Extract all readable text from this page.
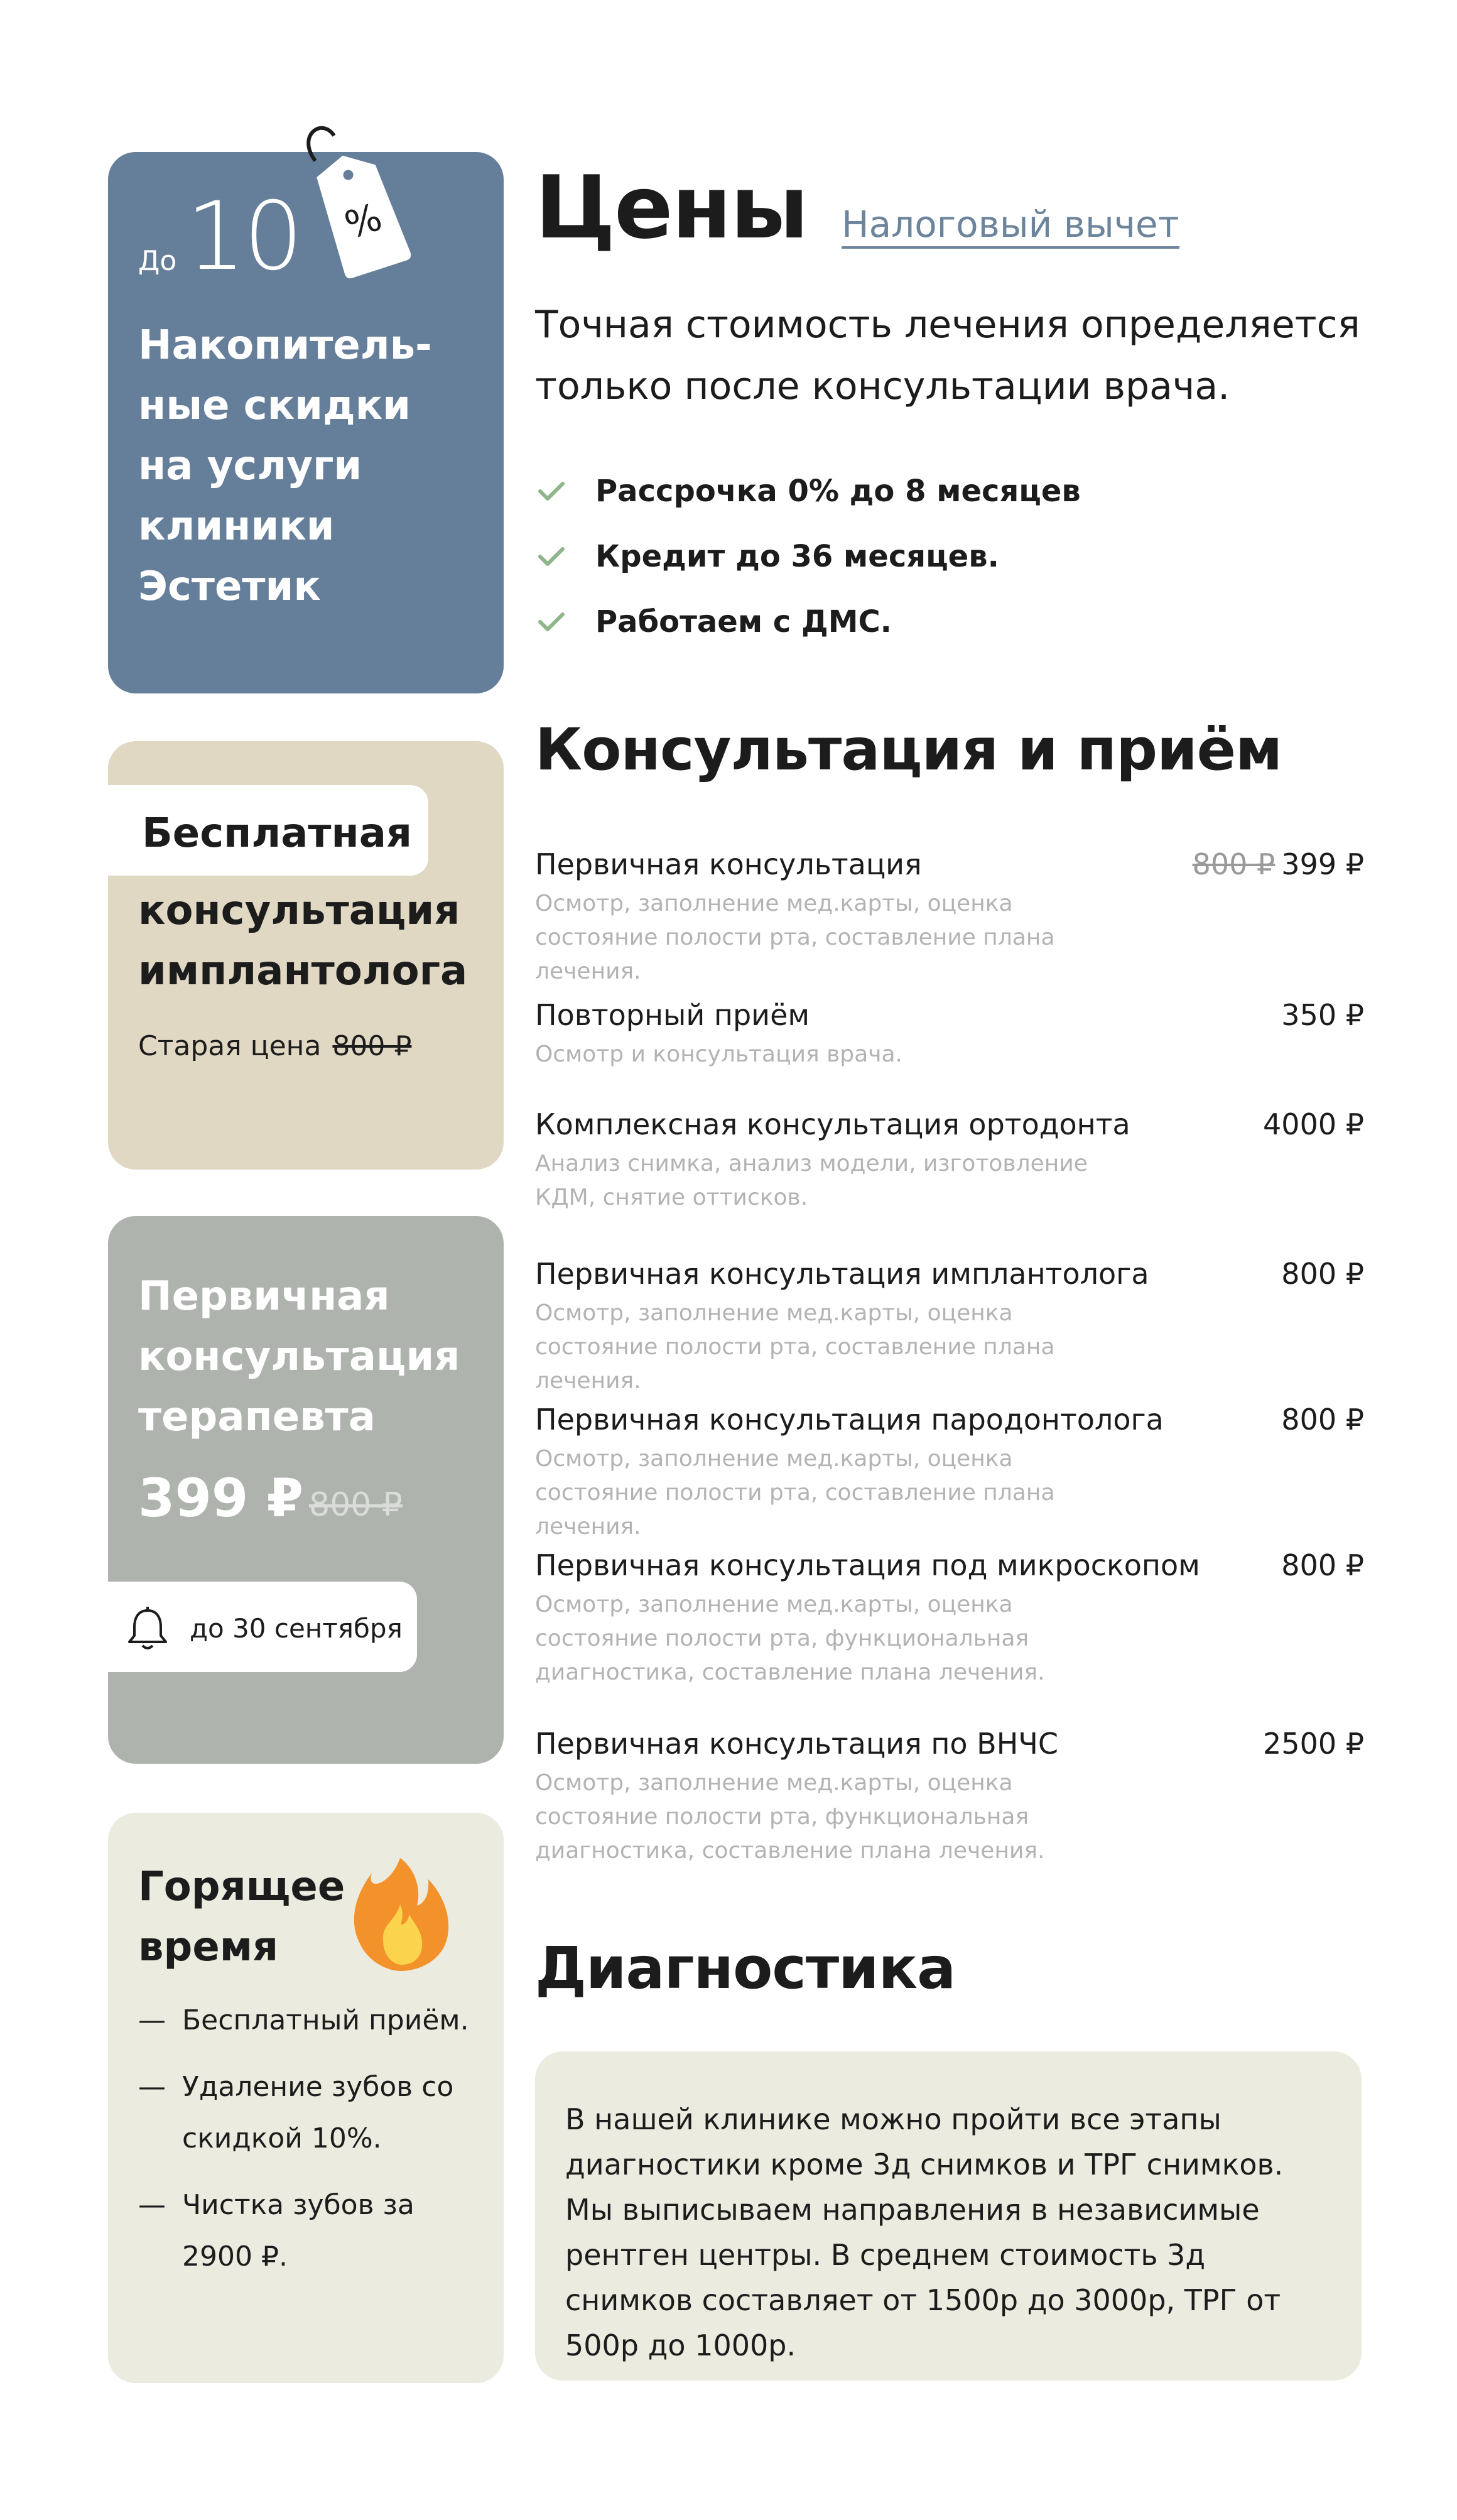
До 10 %
Накопитель-ные скидки на услуги клиники Эстетик
Бесплатная
консультация имплантолога
Старая цена 800 ₽
Первичная консультация терапевта
399 ₽ 800 ₽
до 30 сентября
Горящее время
— Бесплатный приём.
— Удаление зубов со скидкой 10%.
— Чистка зубов за 2900 ₽.
Цены Налоговый вычет

Точная стоимость лечения определяется только после консультации врача.

Рассрочка 0% до 8 месяцев
Кредит до 36 месяцев.
Работаем с ДМС.
Консультация и приём
Первичная консультация	800 ₽ 399 ₽
Осмотр, заполнение мед.карты, оценка состояние полости рта, составление плана лечения.
Повторный приём	350 ₽
Осмотр и консультация врача.
Комплексная консультация ортодонта	4000 ₽
Анализ снимка, анализ модели, изготовление КДМ, снятие оттисков.
Первичная консультация имплантолога	800 ₽
Осмотр, заполнение мед.карты, оценка состояние полости рта, составление плана лечения.
Первичная консультация пародонтолога	800 ₽
Осмотр, заполнение мед.карты, оценка состояние полости рта, составление плана лечения.
Первичная консультация под микроскопом	800 ₽
Осмотр, заполнение мед.карты, оценка состояние полости рта, функциональная диагностика, составление плана лечения.
Первичная консультация по ВНЧС	2500 ₽
Осмотр, заполнение мед.карты, оценка состояние полости рта, функциональная диагностика, составление плана лечения.
Диагностика

В нашей клинике можно пройти все этапы диагностики кроме 3д снимков и ТРГ снимков. Мы выписываем направления в независимые рентген центры. В среднем стоимость 3д снимков составляет от 1500р до 3000р, ТРГ от 500р до 1000р.
